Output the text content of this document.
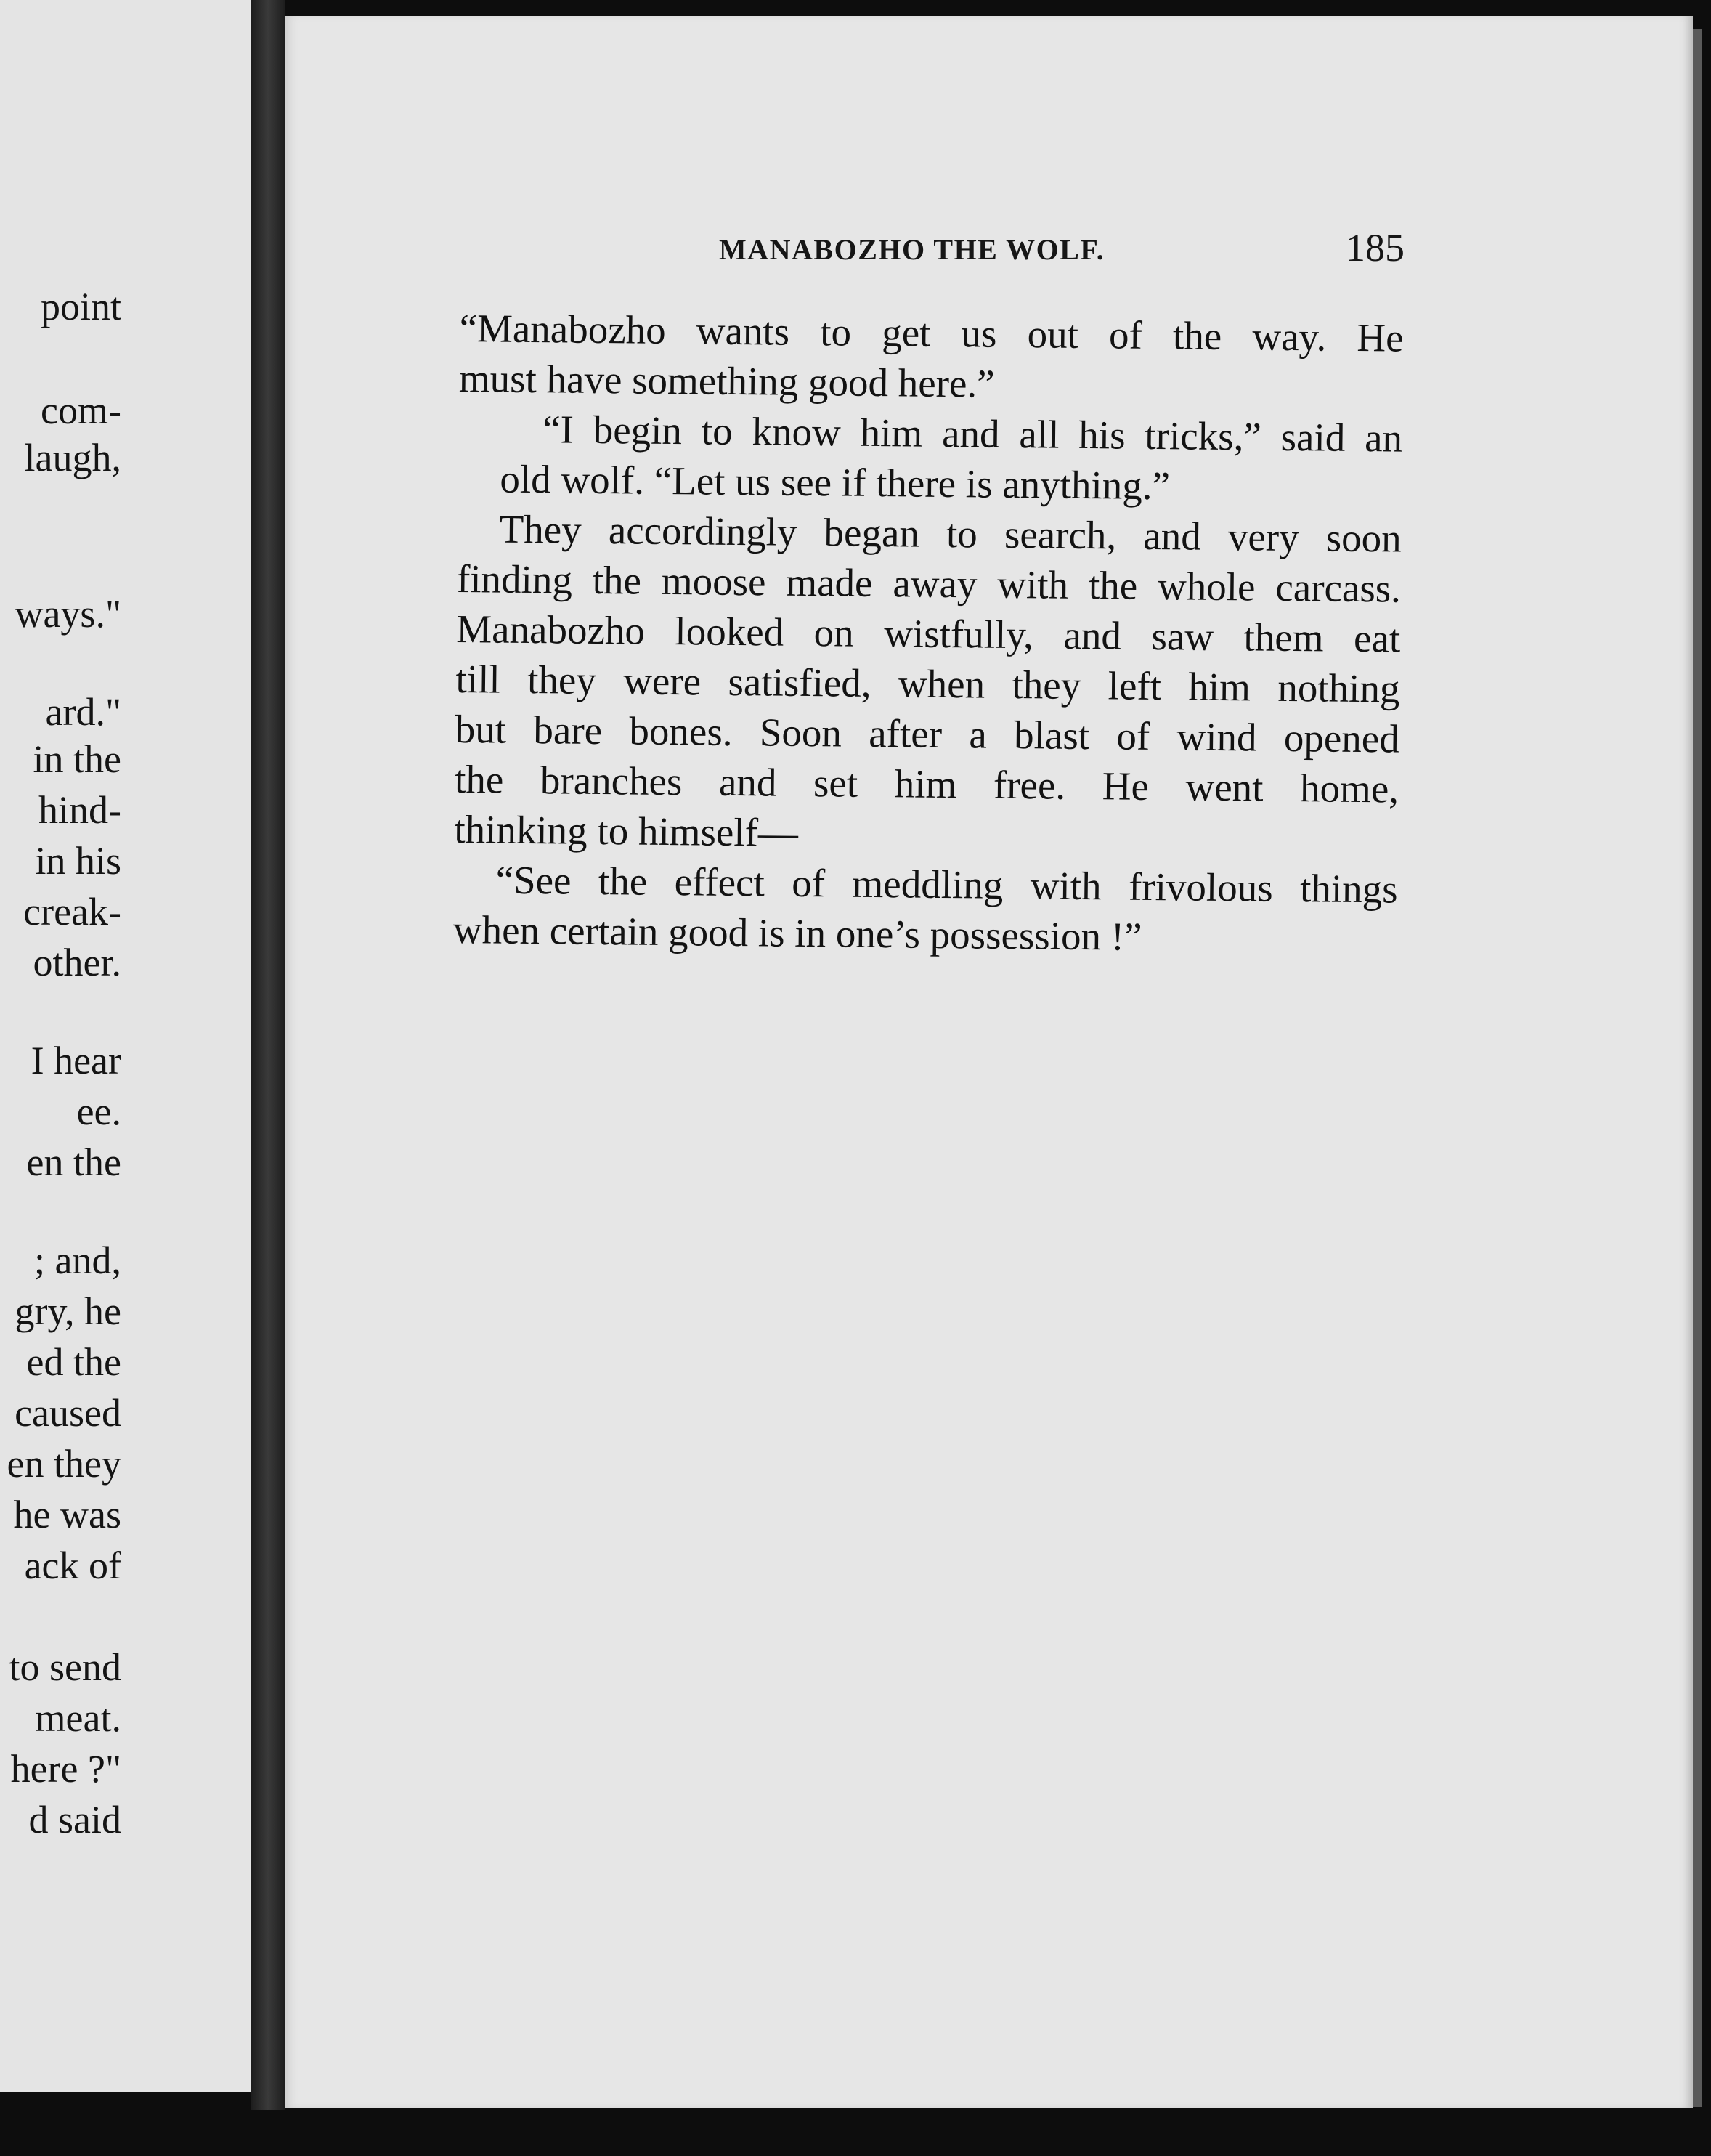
point
com-
laugh,
ways."
ard."
in the
hind-
in his
creak-
other.
I hear
ee.
en the
; and,
gry, he
ed the
caused
en they
he was
ack of
to send
meat.
here ?"
d said
MANABOZHO THE WOLF.	185
“Manabozho wants to get us out of the way. He
must have something good here.”
“I begin to know him and all his tricks,” said an
old wolf. “Let us see if there is anything.”
They accordingly began to search, and very soon
finding the moose made away with the whole carcass.
Manabozho looked on wistfully, and saw them eat
till they were satisfied, when they left him nothing
but bare bones. Soon after a blast of wind opened
the branches and set him free. He went home,
thinking to himself—
“See the effect of meddling with frivolous things
when certain good is in one’s possession !”
